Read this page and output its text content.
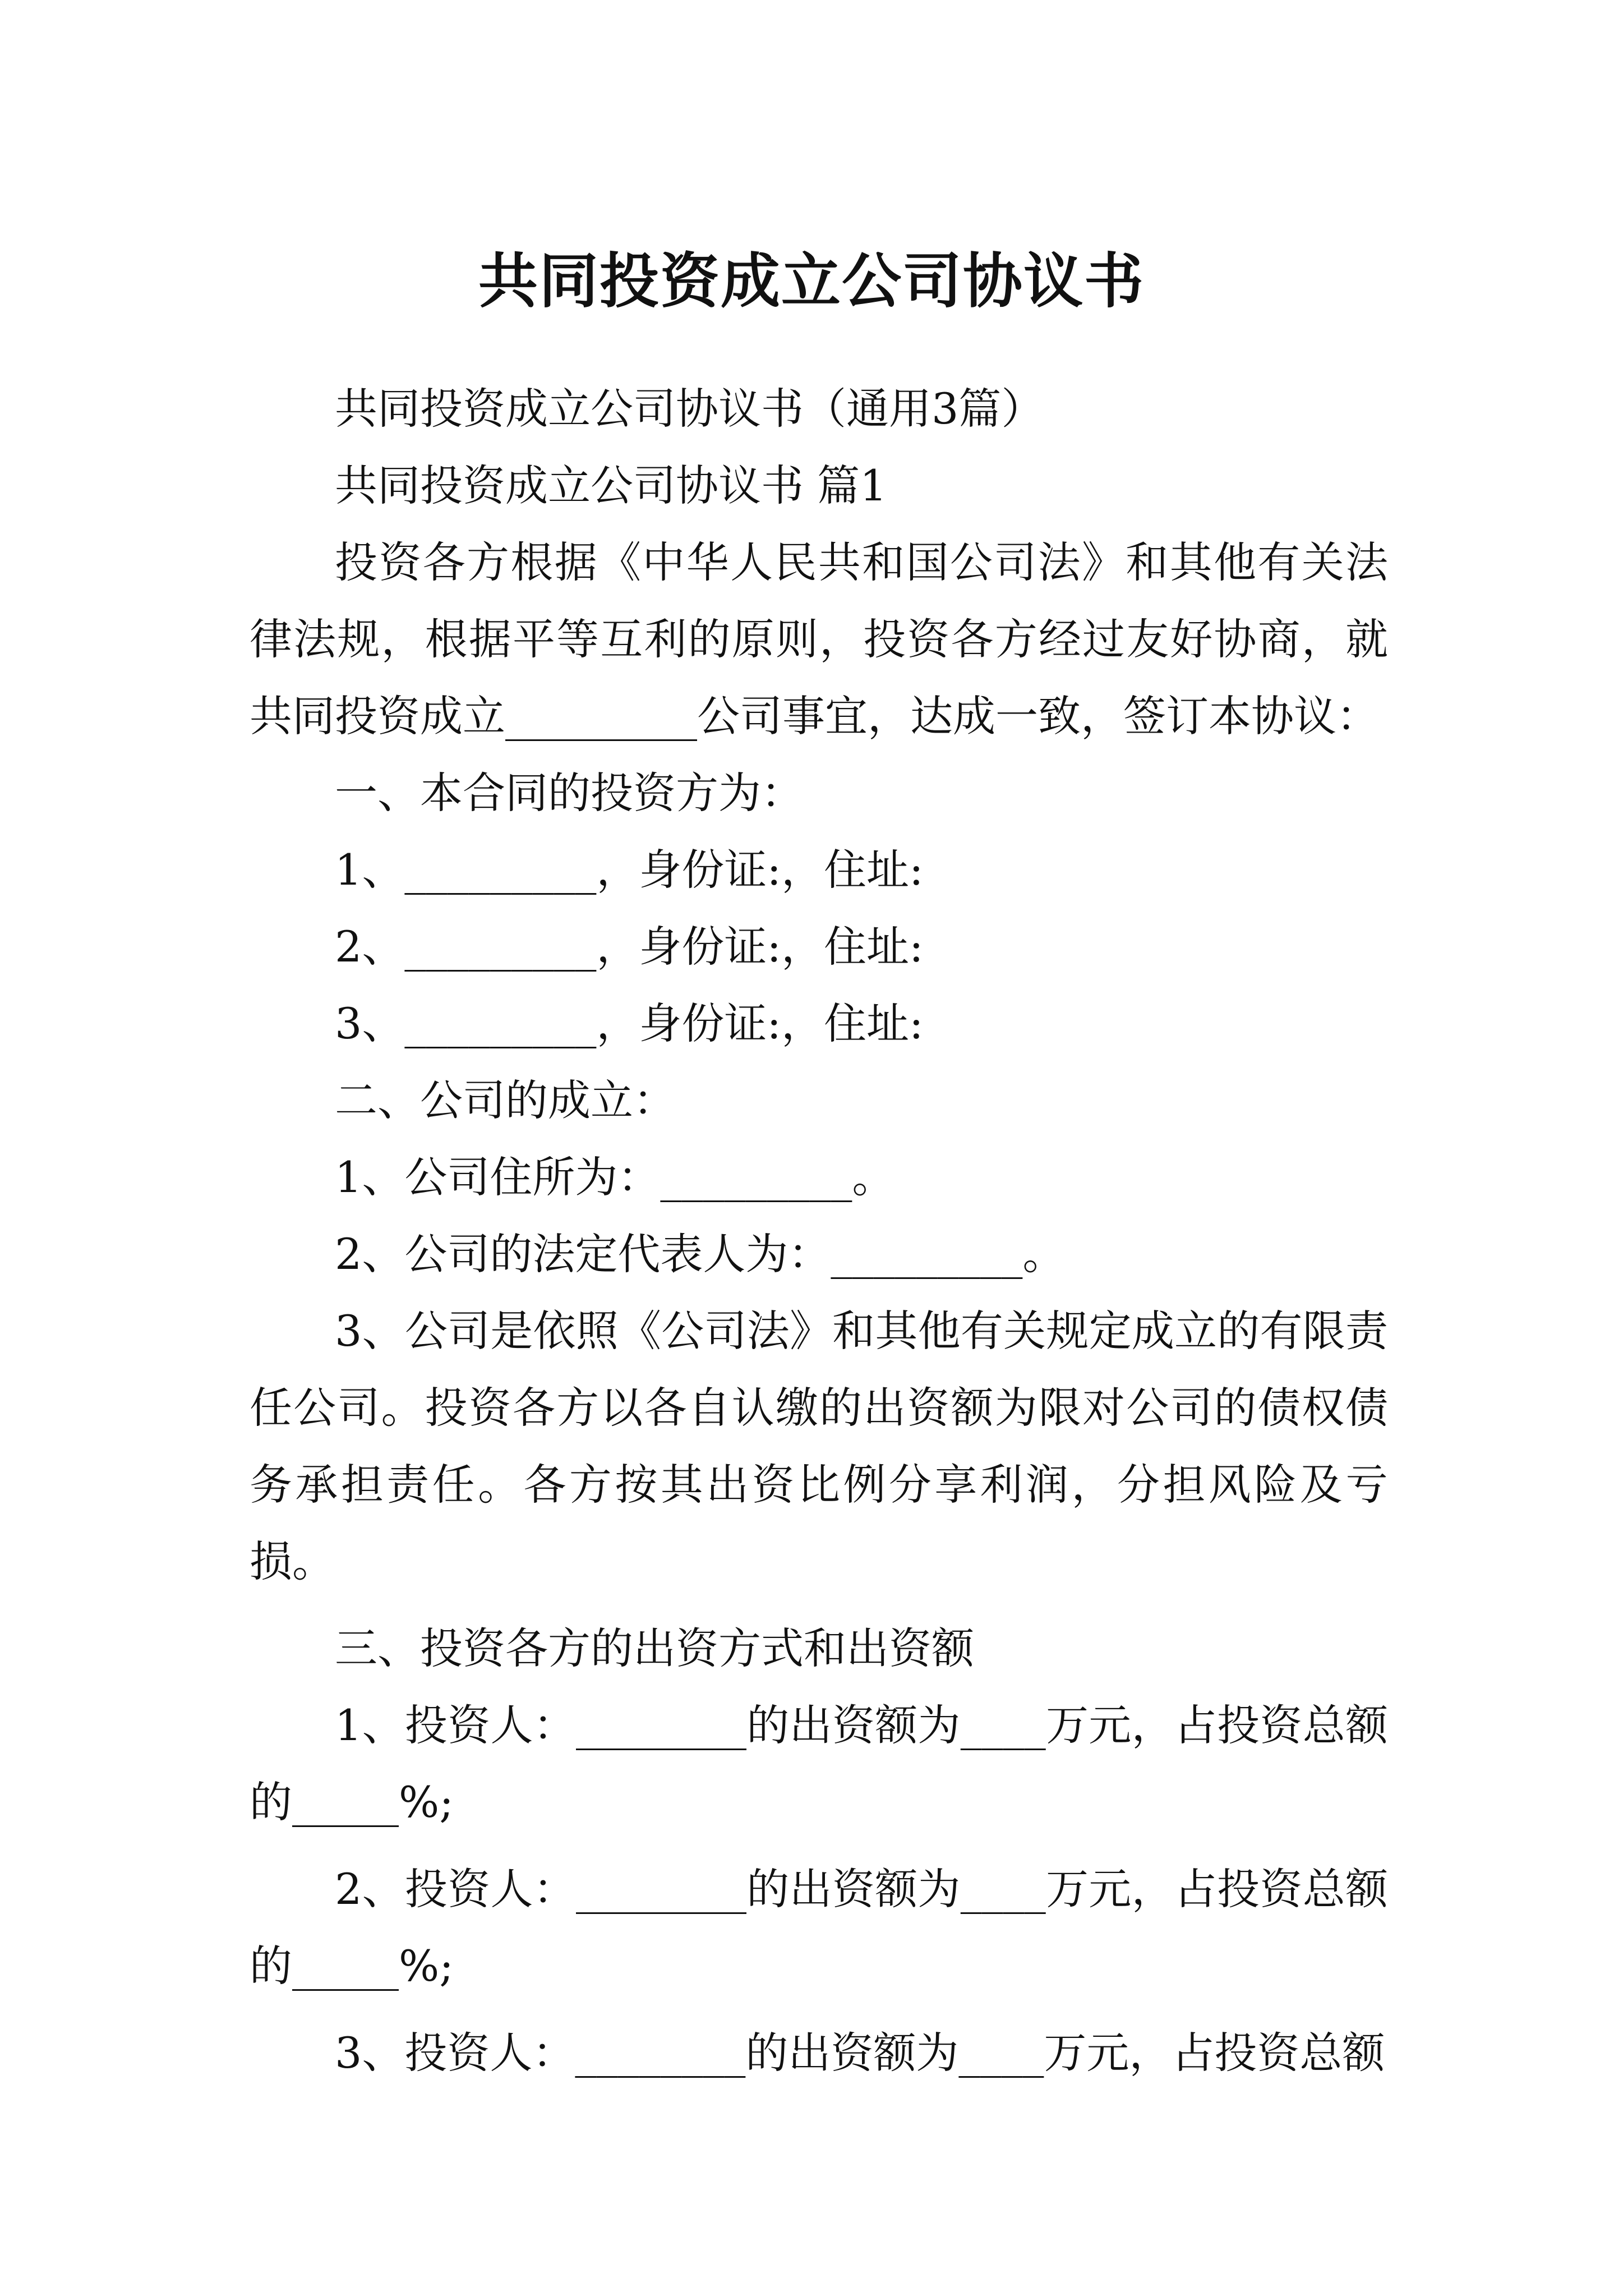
共同投资成立公司协议书

共同投资成立公司协议书（通用3篇）

共同投资成立公司协议书 篇1

投资各方根据《中华人民共和国公司法》和其他有关法律法规，根据平等互利的原则，投资各方经过友好协商，就共同投资成立_________公司事宜，达成一致，签订本协议：

一、本合同的投资方为：

1、_________，身份证:，住址:

2、_________，身份证:，住址:

3、_________，身份证:，住址:

二、公司的成立：

1、公司住所为：_________。

2、公司的法定代表人为：_________。

3、公司是依照《公司法》和其他有关规定成立的有限责任公司。投资各方以各自认缴的出资额为限对公司的债权债务承担责任。各方按其出资比例分享利润，分担风险及亏损。

三、投资各方的出资方式和出资额

1、投资人：________的出资额为____万元，占投资总额的_____%;

2、投资人：________的出资额为____万元，占投资总额的_____%;

3、投资人：________的出资额为____万元，占投资总额
